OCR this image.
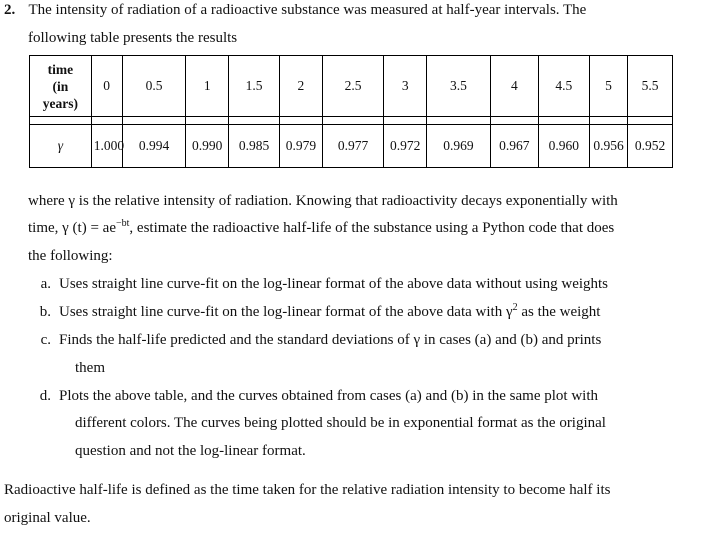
2. The intensity of radiation of a radioactive substance was measured at half-year intervals. The
following table presents the results
time
(in
years)	0	0.5	1	1.5	2	2.5	3	3.5	4	4.5	5	5.5

γ	1.000	0.994	0.990	0.985	0.979	0.977	0.972	0.969	0.967	0.960	0.956	0.952
where γ is the relative intensity of radiation. Knowing that radioactivity decays exponentially with
time, γ $(t) = ae^{-bt}$, estimate the radioactive half-life of the substance using a Python code that does
the following:
a. Uses straight line curve-fit on the log-linear format of the above data without using weights
b. Uses straight line curve-fit on the log-linear format of the above data with $\gamma^2$ as the weight
c. Finds the half-life predicted and the standard deviations of γ in cases (a) and (b) and prints
them
d. Plots the above table, and the curves obtained from cases (a) and (b) in the same plot with
different colors. The curves being plotted should be in exponential format as the original
question and not the log-linear format.
Radioactive half-life is defined as the time taken for the relative radiation intensity to become half its
original value.
